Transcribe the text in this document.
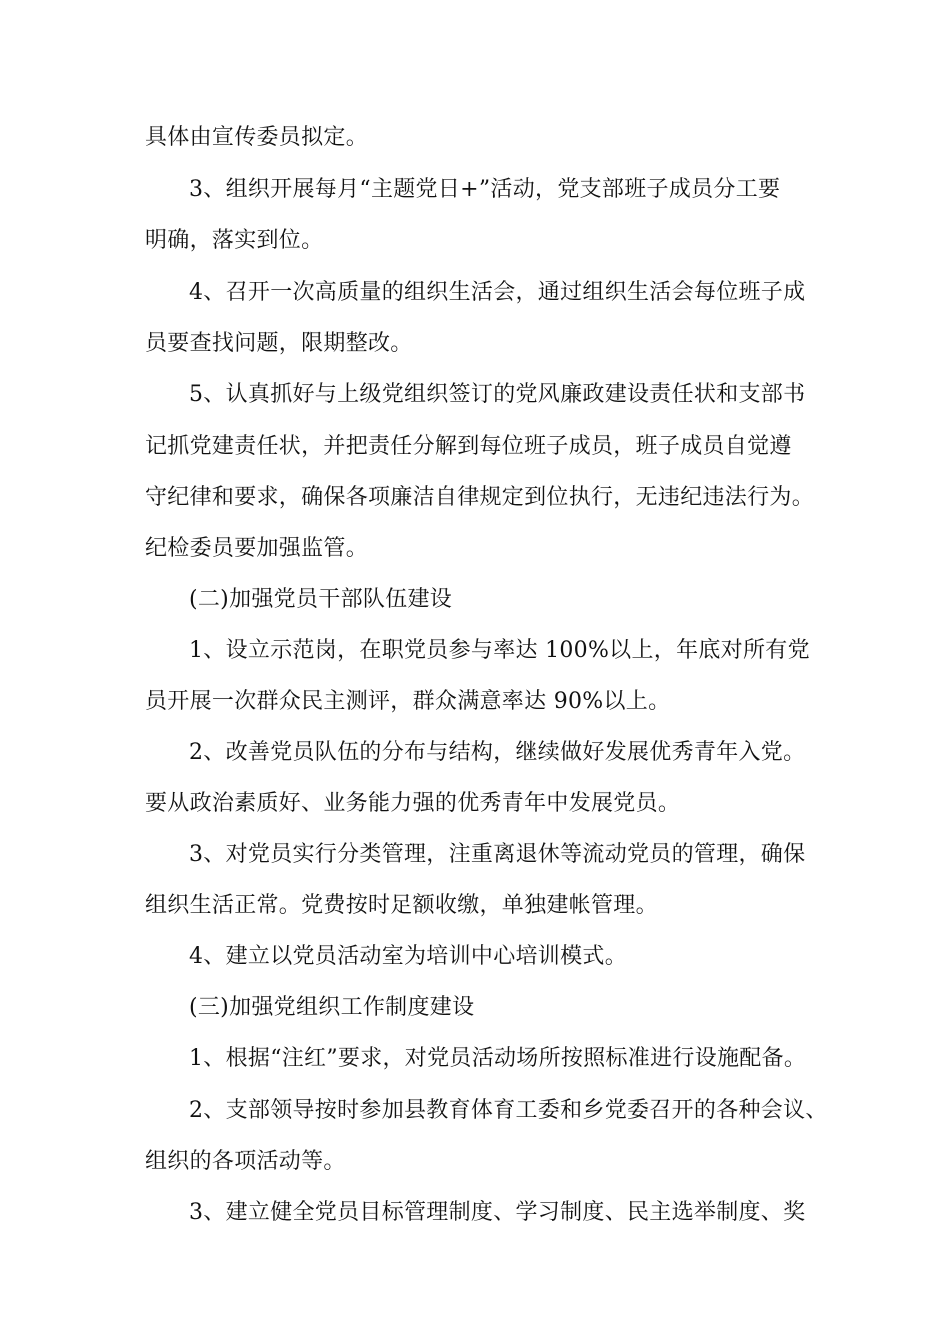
具体由宣传委员拟定。
3、组织开展每月“主题党日+”活动，党支部班子成员分工要
明确，落实到位。
4、召开一次高质量的组织生活会，通过组织生活会每位班子成
员要查找问题，限期整改。
5、认真抓好与上级党组织签订的党风廉政建设责任状和支部书
记抓党建责任状，并把责任分解到每位班子成员，班子成员自觉遵
守纪律和要求，确保各项廉洁自律规定到位执行，无违纪违法行为。
纪检委员要加强监管。
(二)加强党员干部队伍建设
1、设立示范岗，在职党员参与率达 100%以上，年底对所有党
员开展一次群众民主测评，群众满意率达 90%以上。
2、改善党员队伍的分布与结构，继续做好发展优秀青年入党。
要从政治素质好、业务能力强的优秀青年中发展党员。
3、对党员实行分类管理，注重离退休等流动党员的管理，确保
组织生活正常。党费按时足额收缴，单独建帐管理。
4、建立以党员活动室为培训中心培训模式。
(三)加强党组织工作制度建设
1、根据“注红”要求，对党员活动场所按照标准进行设施配备。
2、支部领导按时参加县教育体育工委和乡党委召开的各种会议、
组织的各项活动等。
3、建立健全党员目标管理制度、学习制度、民主选举制度、奖
